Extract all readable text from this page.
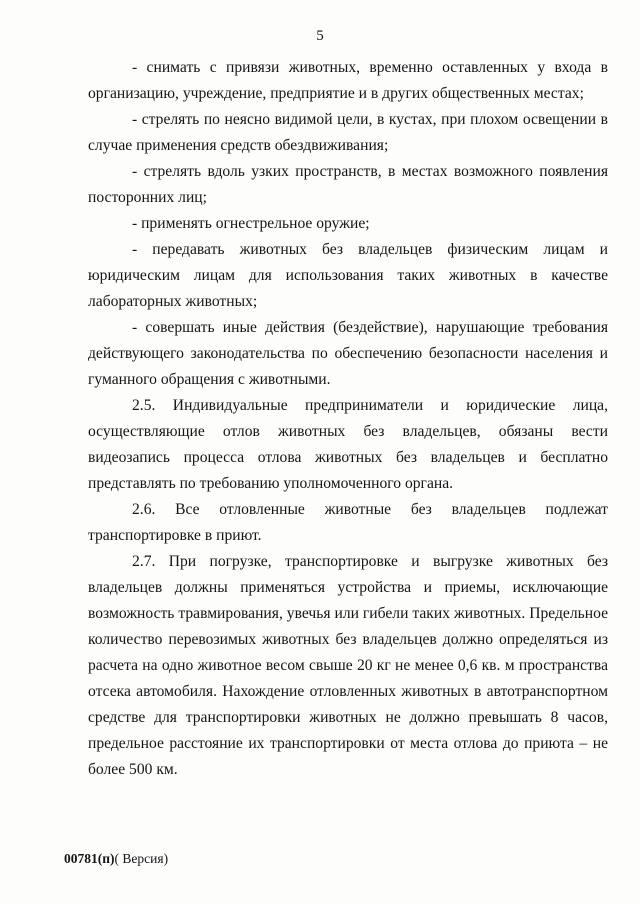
5

- снимать с привязи животных, временно оставленных у входа в организацию, учреждение, предприятие и в других общественных местах;

- стрелять по неясно видимой цели, в кустах, при плохом освещении в случае применения средств обездвиживания;

- стрелять вдоль узких пространств, в местах возможного появления посторонних лиц;

- применять огнестрельное оружие;

- передавать животных без владельцев физическим лицам и юридическим лицам для использования таких животных в качестве лабораторных животных;

- совершать иные действия (бездействие), нарушающие требования действующего законодательства по обеспечению безопасности населения и гуманного обращения с животными.

2.5. Индивидуальные предприниматели и юридические лица, осуществляющие отлов животных без владельцев, обязаны вести видеозапись процесса отлова животных без владельцев и бесплатно представлять по требованию уполномоченного органа.

2.6. Все отловленные животные без владельцев подлежат транспортировке в приют.

2.7. При погрузке, транспортировке и выгрузке животных без владельцев должны применяться устройства и приемы, исключающие возможность травмирования, увечья или гибели таких животных. Предельное количество перевозимых животных без владельцев должно определяться из расчета на одно животное весом свыше 20 кг не менее 0,6 кв. м пространства отсека автомобиля. Нахождение отловленных животных в автотранспортном средстве для транспортировки животных не должно превышать 8 часов, предельное расстояние их транспортировки от места отлова до приюта – не более 500 км.

00781(п)( Версия)
